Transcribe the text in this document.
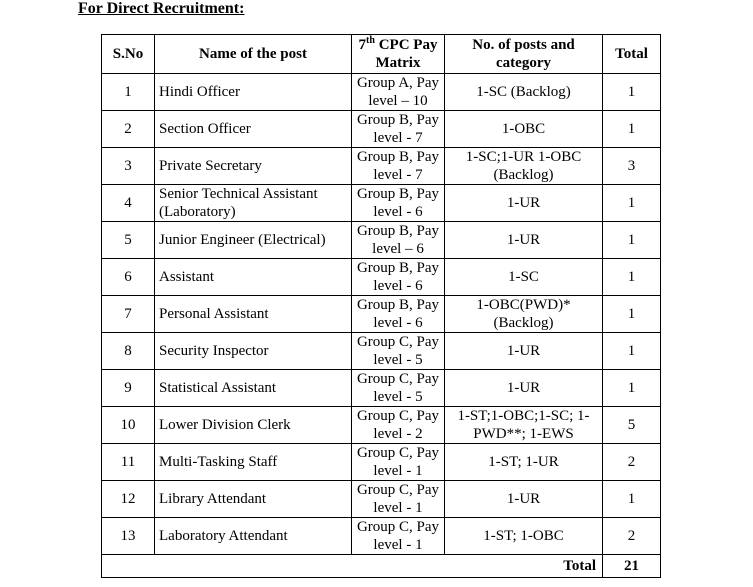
For Direct Recruitment:
S.No	Name of the post	7th CPC Pay Matrix	No. of posts and category	Total
1	Hindi Officer	Group A, Pay level – 10	1-SC (Backlog)	1
2	Section Officer	Group B, Pay level - 7	1-OBC	1
3	Private Secretary	Group B, Pay level - 7	1-SC;1-UR 1-OBC (Backlog)	3
4	Senior Technical Assistant (Laboratory)	Group B, Pay level - 6	1-UR	1
5	Junior Engineer (Electrical)	Group B, Pay level – 6	1-UR	1
6	Assistant	Group B, Pay level - 6	1-SC	1
7	Personal Assistant	Group B, Pay level - 6	1-OBC(PWD)* (Backlog)	1
8	Security Inspector	Group C, Pay level - 5	1-UR	1
9	Statistical Assistant	Group C, Pay level - 5	1-UR	1
10	Lower Division Clerk	Group C, Pay level - 2	1-ST;1-OBC;1-SC; 1-PWD**; 1-EWS	5
11	Multi-Tasking Staff	Group C, Pay level - 1	1-ST; 1-UR	2
12	Library Attendant	Group C, Pay level - 1	1-UR	1
13	Laboratory Attendant	Group C, Pay level - 1	1-ST; 1-OBC	2
Total				21
